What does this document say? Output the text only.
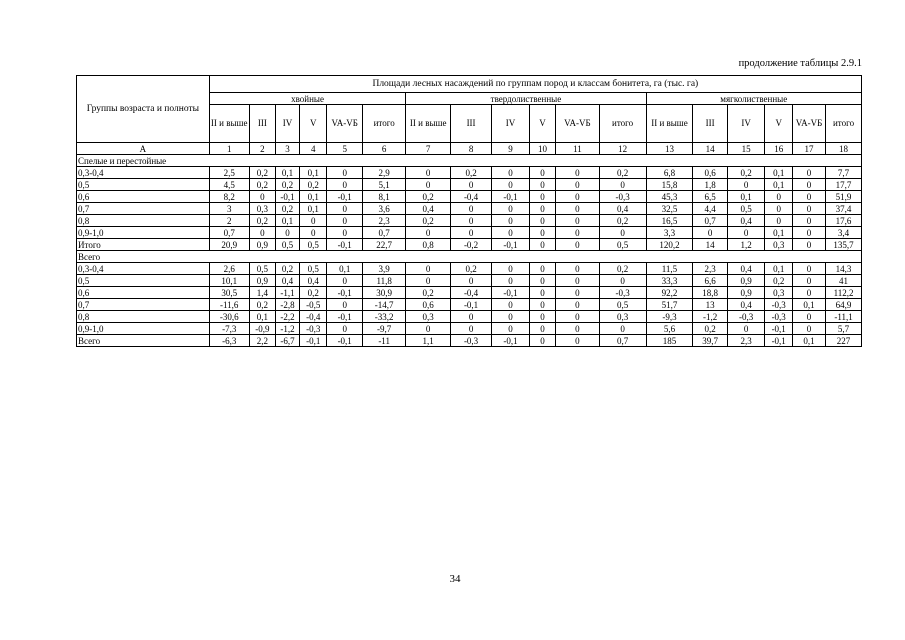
продолжение таблицы 2.9.1
Группы возраста и полноты	Площади лесных насаждений по группам пород и классам бонитета, га (тыс. га)																	
	хвойные						твердолиственные						мягколиственные					
	II и выше	III	IV	V	VA-VБ	итого	II и выше	III	IV	V	VA-VБ	итого	II и выше	III	IV	V	VA-VБ	итого
А	1	2	3	4	5	6	7	8	9	10	11	12	13	14	15	16	17	18
Спелые и перестойные																		
0,3-0,4	2,5	0,2	0,1	0,1	0	2,9	0	0,2	0	0	0	0,2	6,8	0,6	0,2	0,1	0	7,7
0,5	4,5	0,2	0,2	0,2	0	5,1	0	0	0	0	0	0	15,8	1,8	0	0,1	0	17,7
0,6	8,2	0	-0,1	0,1	-0,1	8,1	0,2	-0,4	-0,1	0	0	-0,3	45,3	6,5	0,1	0	0	51,9
0,7	3	0,3	0,2	0,1	0	3,6	0,4	0	0	0	0	0,4	32,5	4,4	0,5	0	0	37,4
0,8	2	0,2	0,1	0	0	2,3	0,2	0	0	0	0	0,2	16,5	0,7	0,4	0	0	17,6
0,9-1,0	0,7	0	0	0	0	0,7	0	0	0	0	0	0	3,3	0	0	0,1	0	3,4
Итого	20,9	0,9	0,5	0,5	-0,1	22,7	0,8	-0,2	-0,1	0	0	0,5	120,2	14	1,2	0,3	0	135,7
Всего																		
0,3-0,4	2,6	0,5	0,2	0,5	0,1	3,9	0	0,2	0	0	0	0,2	11,5	2,3	0,4	0,1	0	14,3
0,5	10,1	0,9	0,4	0,4	0	11,8	0	0	0	0	0	0	33,3	6,6	0,9	0,2	0	41
0,6	30,5	1,4	-1,1	0,2	-0,1	30,9	0,2	-0,4	-0,1	0	0	-0,3	92,2	18,8	0,9	0,3	0	112,2
0,7	-11,6	0,2	-2,8	-0,5	0	-14,7	0,6	-0,1	0	0	0	0,5	51,7	13	0,4	-0,3	0,1	64,9
0,8	-30,6	0,1	-2,2	-0,4	-0,1	-33,2	0,3	0	0	0	0	0,3	-9,3	-1,2	-0,3	-0,3	0	-11,1
0,9-1,0	-7,3	-0,9	-1,2	-0,3	0	-9,7	0	0	0	0	0	0	5,6	0,2	0	-0,1	0	5,7
Всего	-6,3	2,2	-6,7	-0,1	-0,1	-11	1,1	-0,3	-0,1	0	0	0,7	185	39,7	2,3	-0,1	0,1	227
34
